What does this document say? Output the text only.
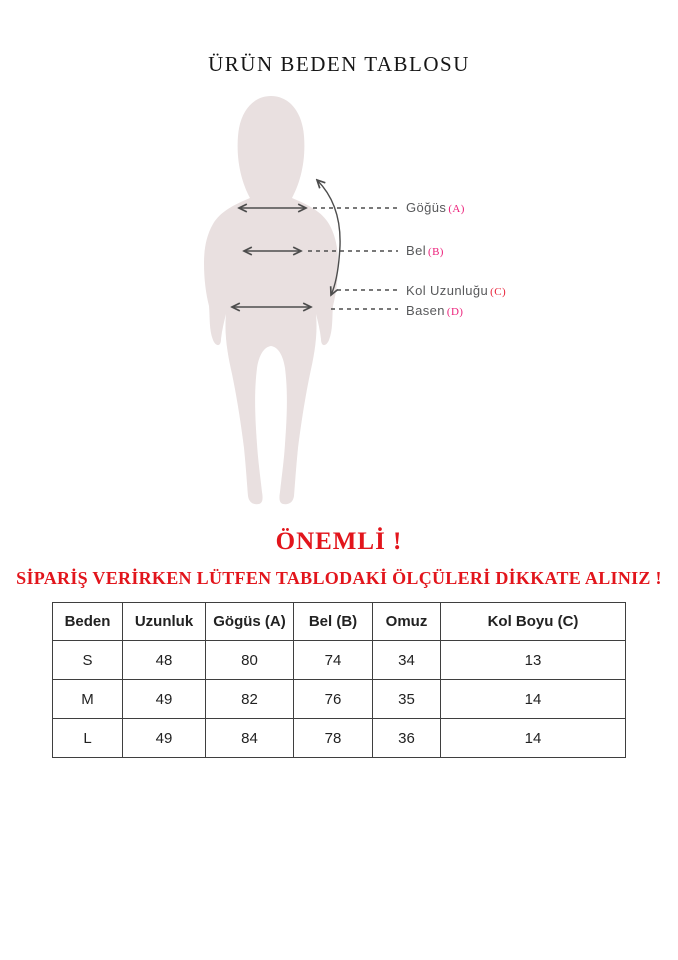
ÜRÜN BEDEN TABLOSU
Göğüs (A)
Bel (B)
Kol Uzunluğu (C)
Basen (D)
ÖNEMLİ !
SİPARİŞ VERİRKEN LÜTFEN TABLODAKİ ÖLÇÜLERİ DİKKATE ALINIZ !
Beden	Uzunluk	Gögüs (A)	Bel (B)	Omuz	Kol Boyu (C)
S	48	80	74	34	13
M	49	82	76	35	14
L	49	84	78	36	14
